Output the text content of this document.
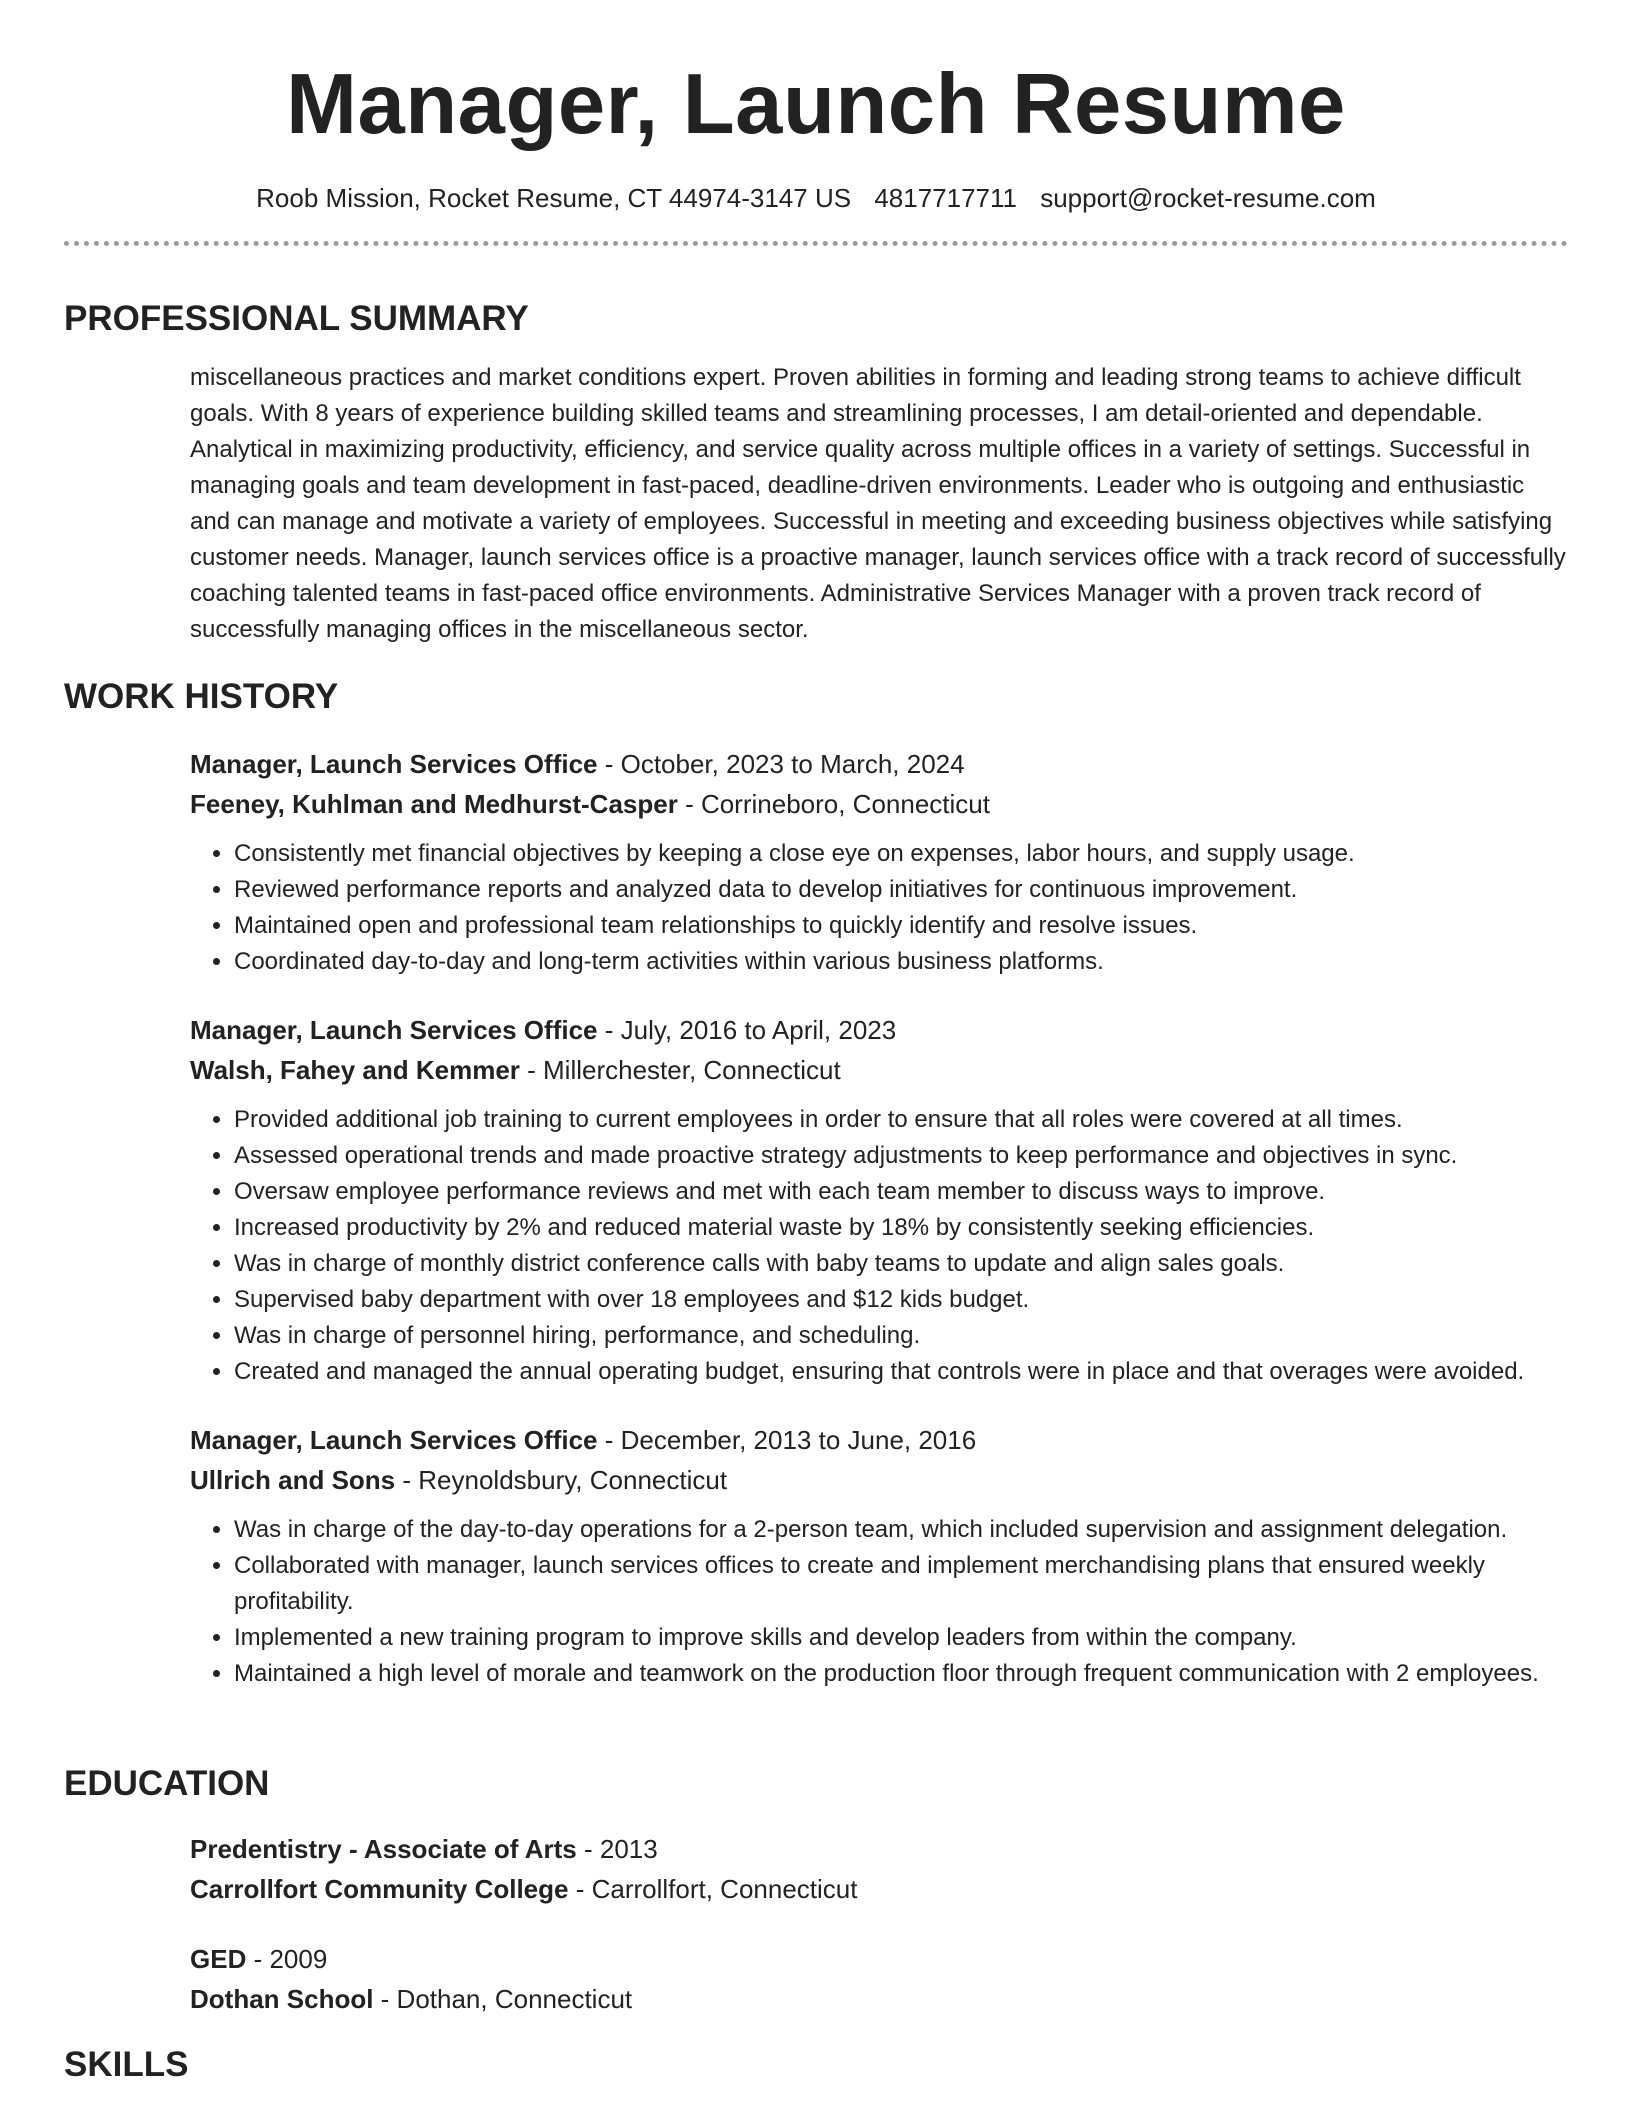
Manager, Launch Resume
Roob Mission, Rocket Resume, CT 44974-3147 US 4817717711 support@rocket-resume.com
PROFESSIONAL SUMMARY
miscellaneous practices and market conditions expert. Proven abilities in forming and leading strong teams to achieve difficult goals. With 8 years of experience building skilled teams and streamlining processes, I am detail-oriented and dependable. Analytical in maximizing productivity, efficiency, and service quality across multiple offices in a variety of settings. Successful in managing goals and team development in fast-paced, deadline-driven environments. Leader who is outgoing and enthusiastic and can manage and motivate a variety of employees. Successful in meeting and exceeding business objectives while satisfying customer needs. Manager, launch services office is a proactive manager, launch services office with a track record of successfully coaching talented teams in fast-paced office environments. Administrative Services Manager with a proven track record of successfully managing offices in the miscellaneous sector.
WORK HISTORY
Manager, Launch Services Office - October, 2023 to March, 2024
Feeney, Kuhlman and Medhurst-Casper - Corrineboro, Connecticut
• Consistently met financial objectives by keeping a close eye on expenses, labor hours, and supply usage.
• Reviewed performance reports and analyzed data to develop initiatives for continuous improvement.
• Maintained open and professional team relationships to quickly identify and resolve issues.
• Coordinated day-to-day and long-term activities within various business platforms.
Manager, Launch Services Office - July, 2016 to April, 2023
Walsh, Fahey and Kemmer - Millerchester, Connecticut
• Provided additional job training to current employees in order to ensure that all roles were covered at all times.
• Assessed operational trends and made proactive strategy adjustments to keep performance and objectives in sync.
• Oversaw employee performance reviews and met with each team member to discuss ways to improve.
• Increased productivity by 2% and reduced material waste by 18% by consistently seeking efficiencies.
• Was in charge of monthly district conference calls with baby teams to update and align sales goals.
• Supervised baby department with over 18 employees and $12 kids budget.
• Was in charge of personnel hiring, performance, and scheduling.
• Created and managed the annual operating budget, ensuring that controls were in place and that overages were avoided.
Manager, Launch Services Office - December, 2013 to June, 2016
Ullrich and Sons - Reynoldsbury, Connecticut
• Was in charge of the day-to-day operations for a 2-person team, which included supervision and assignment delegation.
• Collaborated with manager, launch services offices to create and implement merchandising plans that ensured weekly profitability.
• Implemented a new training program to improve skills and develop leaders from within the company.
• Maintained a high level of morale and teamwork on the production floor through frequent communication with 2 employees.
EDUCATION
Predentistry - Associate of Arts - 2013
Carrollfort Community College - Carrollfort, Connecticut
GED - 2009
Dothan School - Dothan, Connecticut
SKILLS
